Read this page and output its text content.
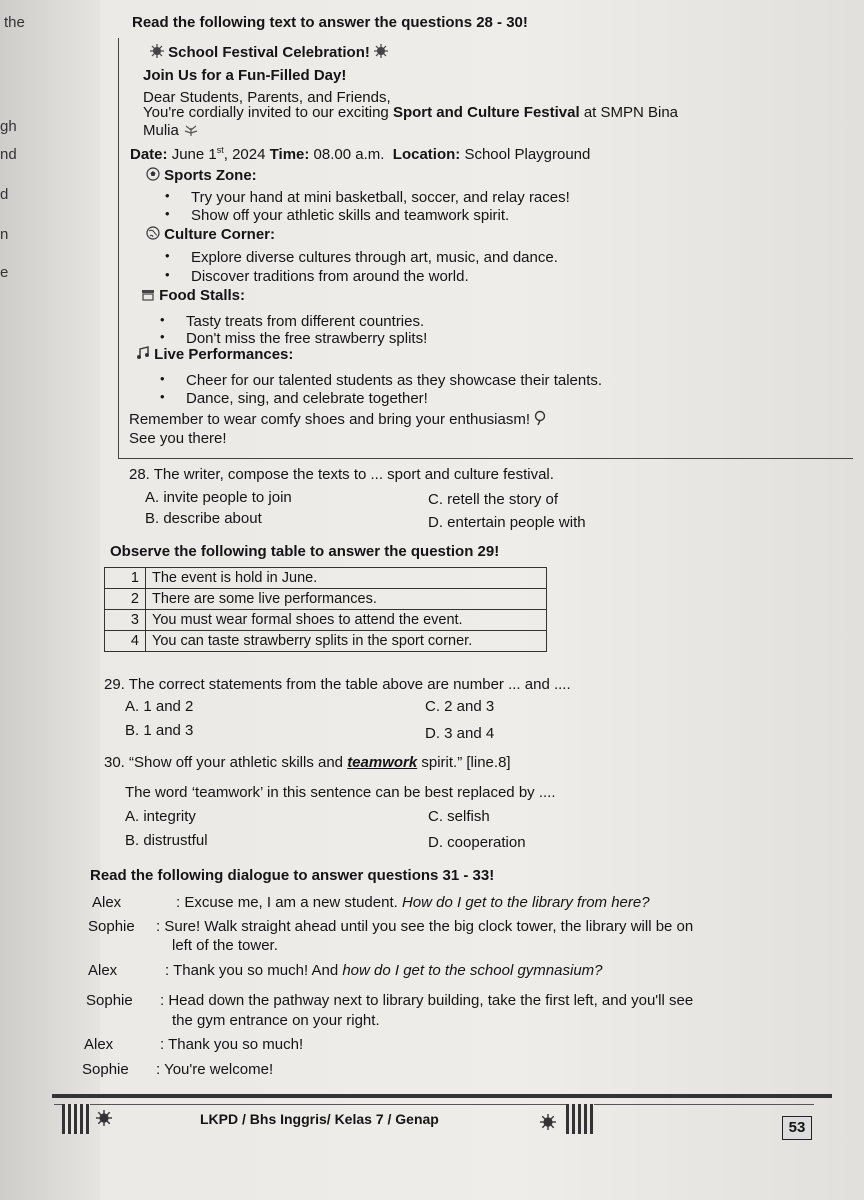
the
gh
nd
d
n
e
Read the following text to answer the questions 28 - 30!
School Festival Celebration!
Join Us for a Fun-Filled Day!
Dear Students, Parents, and Friends,
You're cordially invited to our exciting Sport and Culture Festival at SMPN Bina
Mulia
Date: June 1st, 2024 Time: 08.00 a.m. Location: School Playground
Sports Zone:
• Try your hand at mini basketball, soccer, and relay races!
• Show off your athletic skills and teamwork spirit.
Culture Corner:
• Explore diverse cultures through art, music, and dance.
• Discover traditions from around the world.
Food Stalls:
• Tasty treats from different countries.
• Don't miss the free strawberry splits!
Live Performances:
• Cheer for our talented students as they showcase their talents.
• Dance, sing, and celebrate together!
Remember to wear comfy shoes and bring your enthusiasm!
See you there!
28. The writer, compose the texts to ... sport and culture festival.
A. invite people to join
B. describe about
C. retell the story of
D. entertain people with
Observe the following table to answer the question 29!
1	The event is hold in June.
2	There are some live performances.
3	You must wear formal shoes to attend the event.
4	You can taste strawberry splits in the sport corner.
29. The correct statements from the table above are number ... and ....
A. 1 and 2
B. 1 and 3
C. 2 and 3
D. 3 and 4
30. “Show off your athletic skills and teamwork spirit.” [line.8]
The word ‘teamwork’ in this sentence can be best replaced by ....
A. integrity
B. distrustful
C. selfish
D. cooperation
Read the following dialogue to answer questions 31 - 33!
Alex	: Excuse me, I am a new student. How do I get to the library from here?
Sophie : Sure! Walk straight ahead until you see the big clock tower, the library will be on
left of the tower.
Alex	: Thank you so much! And how do I get to the school gymnasium?
Sophie : Head down the pathway next to library building, take the first left, and you'll see
the gym entrance on your right.
Alex	: Thank you so much!
Sophie : You're welcome!
LKPD / Bhs Inggris/ Kelas 7 / Genap	53
